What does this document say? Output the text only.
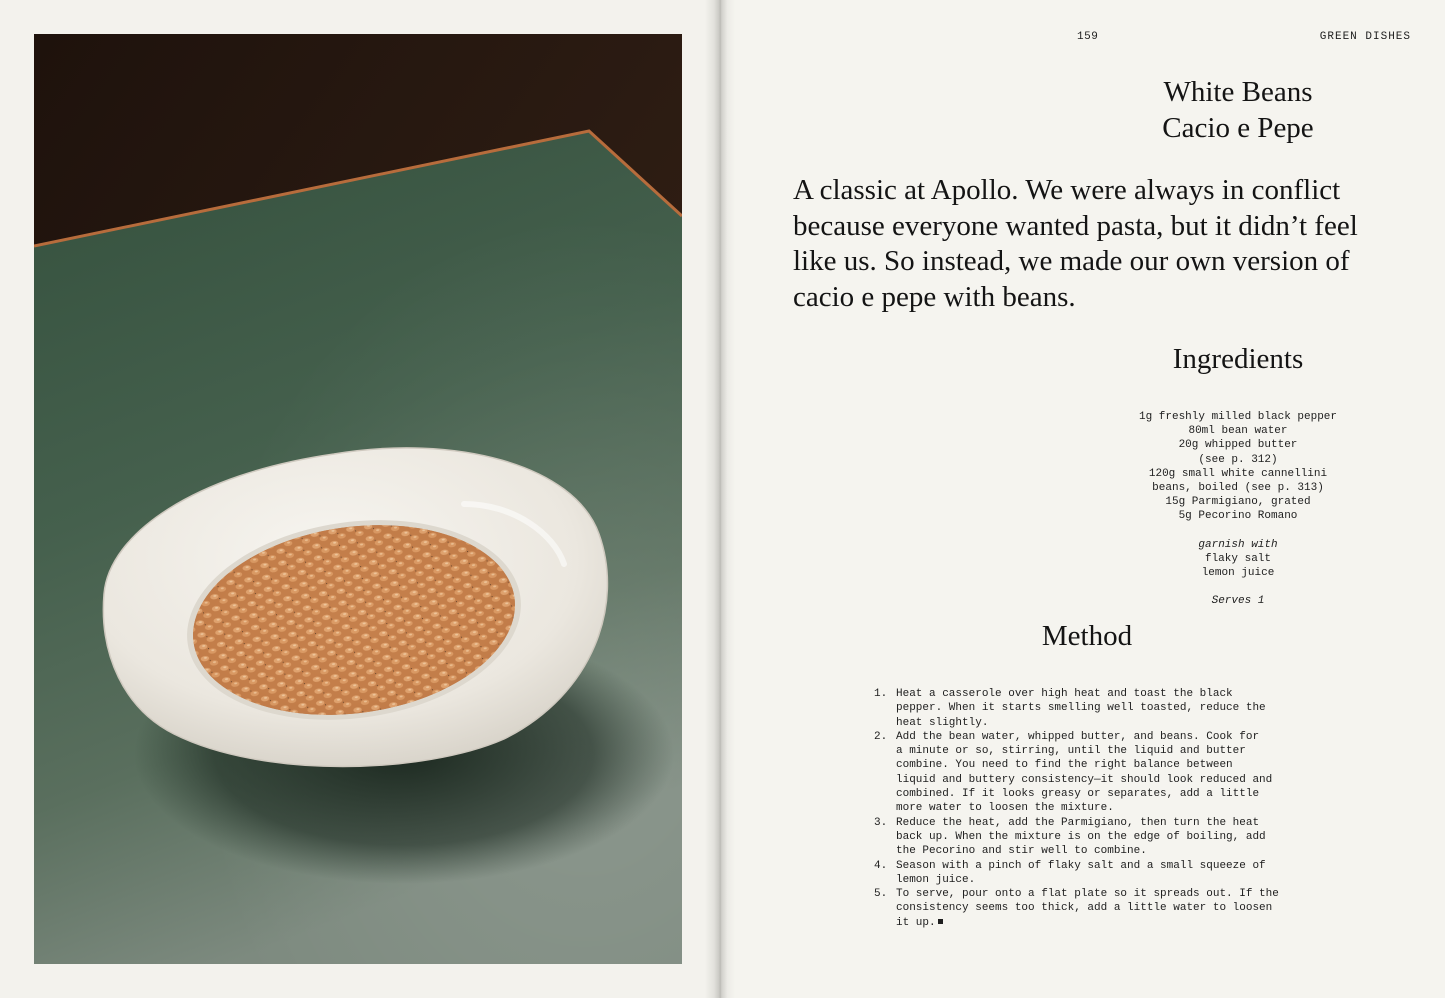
159	GREEN DISHES
White Beans
Cacio e Pepe

A classic at Apollo. We were always in conflict because everyone wanted pasta, but it didn’t feel like us. So instead, we made our own version of cacio e pepe with beans.

Ingredients
1g freshly milled black pepper
80ml bean water
20g whipped butter
(see p. 312)
120g small white cannellini
beans, boiled (see p. 313)
15g Parmigiano, grated
5g Pecorino Romano
garnish with
flaky salt
lemon juice
Serves 1
Method
1. Heat a casserole over high heat and toast the black
pepper. When it starts smelling well toasted, reduce the
heat slightly.
2. Add the bean water, whipped butter, and beans. Cook for
a minute or so, stirring, until the liquid and butter
combine. You need to find the right balance between
liquid and buttery consistency—it should look reduced and
combined. If it looks greasy or separates, add a little
more water to loosen the mixture.
3. Reduce the heat, add the Parmigiano, then turn the heat
back up. When the mixture is on the edge of boiling, add
the Pecorino and stir well to combine.
4. Season with a pinch of flaky salt and a small squeeze of
lemon juice.
5. To serve, pour onto a flat plate so it spreads out. If the
consistency seems too thick, add a little water to loosen
it up.
